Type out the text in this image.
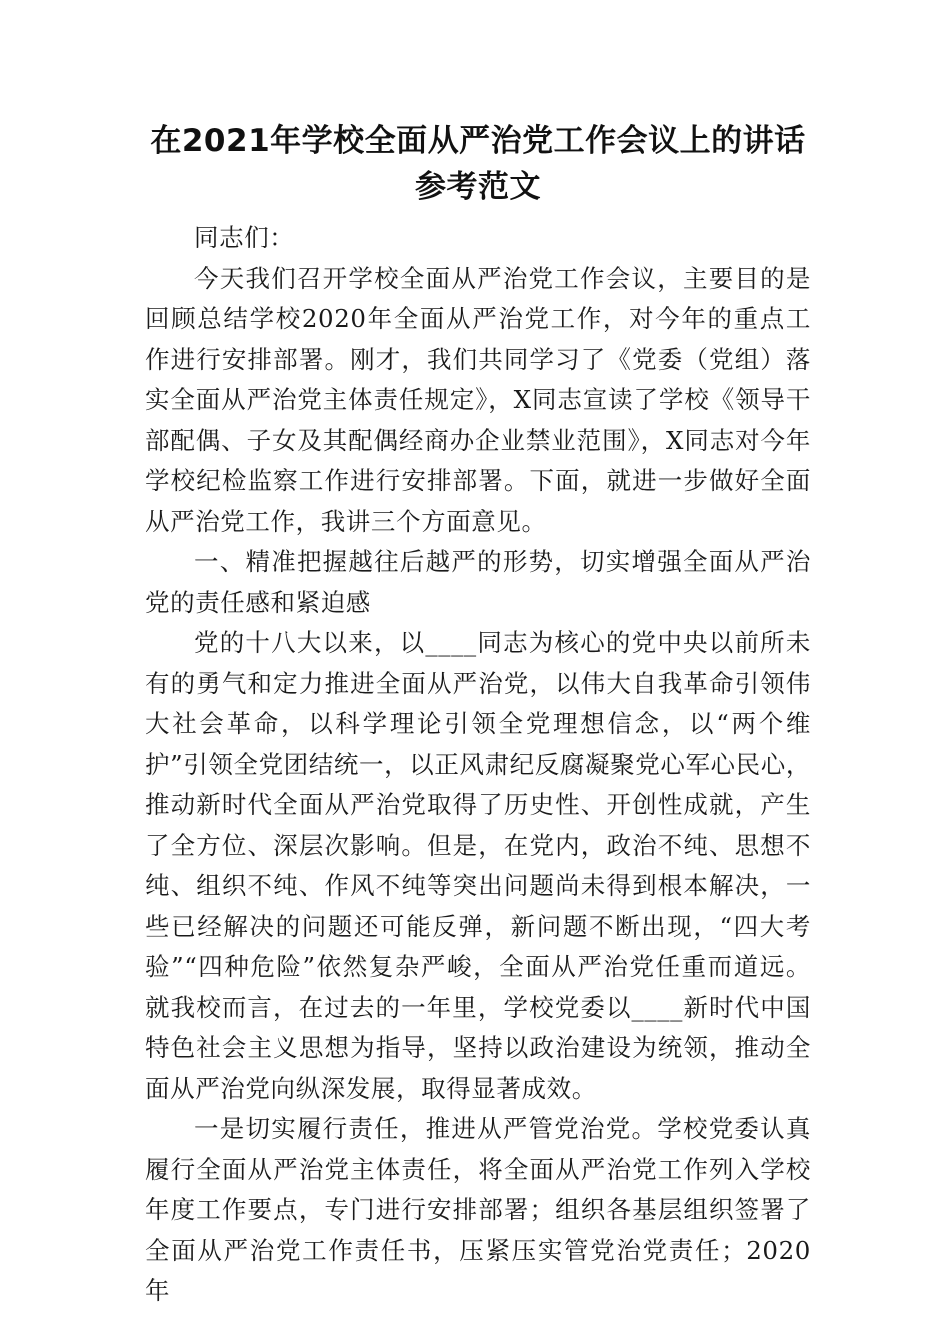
在2021年学校全面从严治党工作会议上的讲话参考范文

同志们：

今天我们召开学校全面从严治党工作会议，主要目的是回顾总结学校2020年全面从严治党工作，对今年的重点工作进行安排部署。刚才，我们共同学习了《党委（党组）落实全面从严治党主体责任规定》，X同志宣读了学校《领导干部配偶、子女及其配偶经商办企业禁业范围》，X同志对今年学校纪检监察工作进行安排部署。下面，就进一步做好全面从严治党工作，我讲三个方面意见。

一、精准把握越往后越严的形势，切实增强全面从严治党的责任感和紧迫感

党的十八大以来，以____同志为核心的党中央以前所未有的勇气和定力推进全面从严治党，以伟大自我革命引领伟大社会革命，以科学理论引领全党理想信念，以“两个维护”引领全党团结统一，以正风肃纪反腐凝聚党心军心民心，推动新时代全面从严治党取得了历史性、开创性成就，产生了全方位、深层次影响。但是，在党内，政治不纯、思想不纯、组织不纯、作风不纯等突出问题尚未得到根本解决，一些已经解决的问题还可能反弹，新问题不断出现，“四大考验”“四种危险”依然复杂严峻，全面从严治党任重而道远。就我校而言，在过去的一年里，学校党委以____新时代中国特色社会主义思想为指导，坚持以政治建设为统领，推动全面从严治党向纵深发展，取得显著成效。

一是切实履行责任，推进从严管党治党。学校党委认真履行全面从严治党主体责任，将全面从严治党工作列入学校年度工作要点，专门进行安排部署；组织各基层组织签署了全面从严治党工作责任书，压紧压实管党治党责任；2020年
